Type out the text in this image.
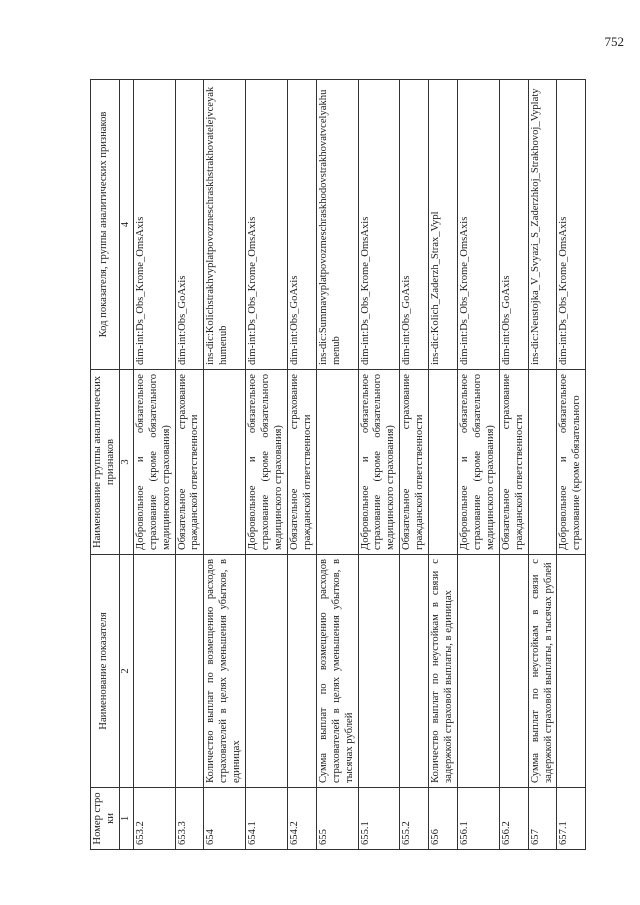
752
Номер строки	Наименование показателя	Наименование группы аналитических признаков	Код показателя, группы аналитических признаков
1	2	3	4
653.2		Добровольное и обязательное страхование (кроме обязательного медицинского страхования)	dim-int:Ds_Obs_Krome_OmsAxis
653.3		Обязательное страхование гражданской ответственности	dim-int:Obs_GoAxis
654	Количество выплат по возмещению расходов страхователей в целях уменьшения убытков, в единицах		ins-dic:Kolichstrakhvyplatpovozmeschraskhstrakhovatelejvceyakhumenub
654.1		Добровольное и обязательное страхование (кроме обязательного медицинского страхования)	dim-int:Ds_Obs_Krome_OmsAxis
654.2		Обязательное страхование гражданской ответственности	dim-int:Obs_GoAxis
655	Сумма выплат по возмещению расходов страхователей в целях уменьшения убытков, в тысячах рублей		ins-dic:Summavyplatpovozmeschraskhodovstrakhovatvcelyakhumenub
655.1		Добровольное и обязательное страхование (кроме обязательного медицинского страхования)	dim-int:Ds_Obs_Krome_OmsAxis
655.2		Обязательное страхование гражданской ответственности	dim-int:Obs_GoAxis
656	Количество выплат по неустойкам в связи с задержкой страховой выплаты, в единицах		ins-dic:Kolich_Zaderzh_Strax_Vypl
656.1		Добровольное и обязательное страхование (кроме обязательного медицинского страхования)	dim-int:Ds_Obs_Krome_OmsAxis
656.2		Обязательное страхование гражданской ответственности	dim-int:Obs_GoAxis
657	Сумма выплат по неустойкам в связи с задержкой страховой выплаты, в тысячах рублей		ins-dic:Neustojka_V_Svyazi_S_Zaderzhkoj_Strakhovoj_Vyplaty
657.1		Добровольное и обязательное страхование (кроме обязательного	dim-int:Ds_Obs_Krome_OmsAxis
